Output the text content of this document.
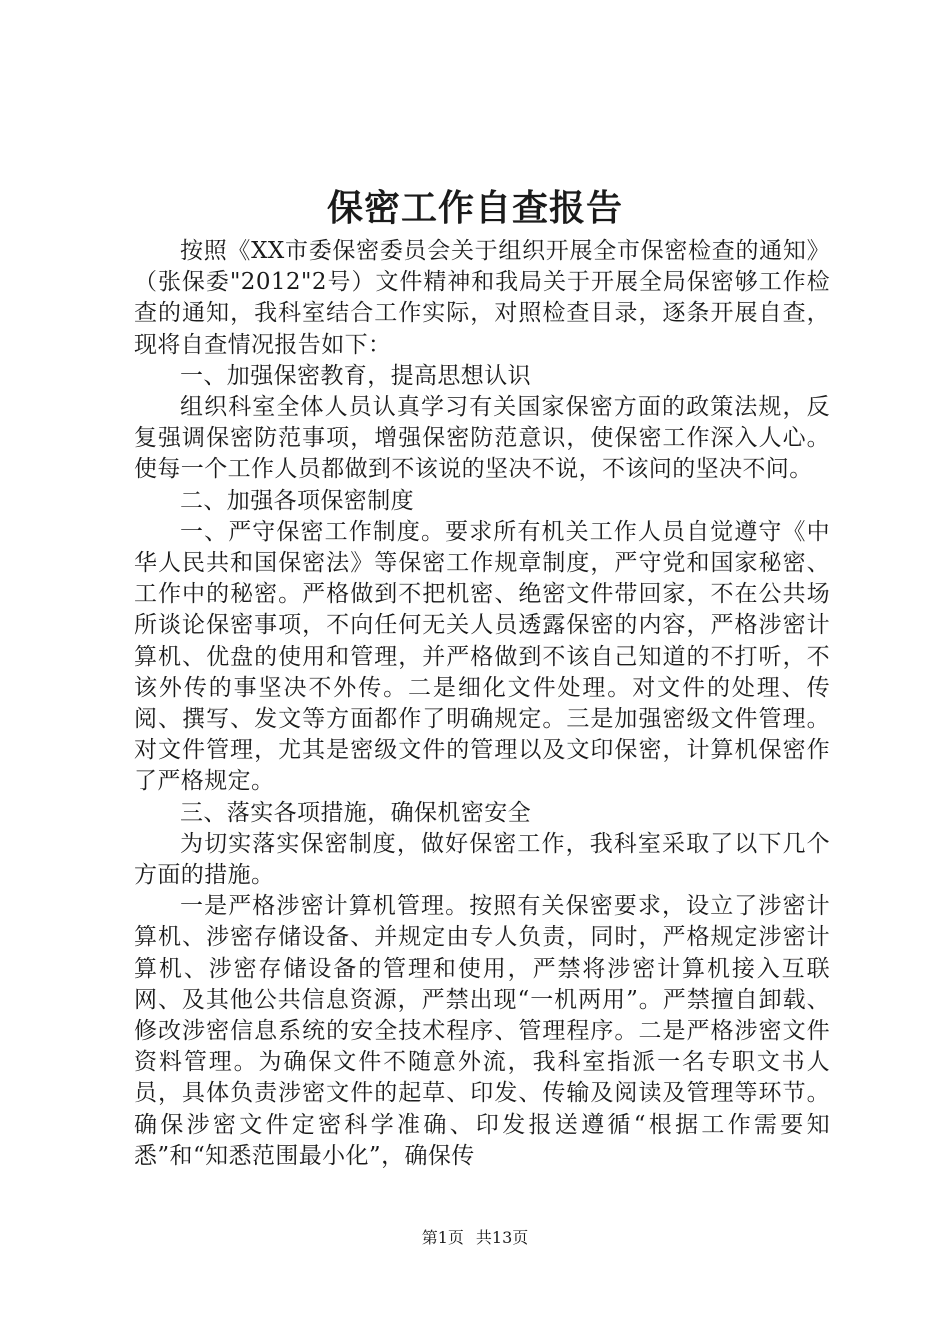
保密工作自查报告

按照《XX市委保密委员会关于组织开展全市保密检查的通知》（张保委"2012"2号）文件精神和我局关于开展全局保密够工作检查的通知，我科室结合工作实际，对照检查目录，逐条开展自查，现将自查情况报告如下：

一、加强保密教育，提高思想认识

组织科室全体人员认真学习有关国家保密方面的政策法规，反复强调保密防范事项，增强保密防范意识，使保密工作深入人心。使每一个工作人员都做到不该说的坚决不说，不该问的坚决不问。

二、加强各项保密制度

一、严守保密工作制度。要求所有机关工作人员自觉遵守《中华人民共和国保密法》等保密工作规章制度，严守党和国家秘密、工作中的秘密。严格做到不把机密、绝密文件带回家，不在公共场所谈论保密事项，不向任何无关人员透露保密的内容，严格涉密计算机、优盘的使用和管理，并严格做到不该自己知道的不打听，不该外传的事坚决不外传。二是细化文件处理。对文件的处理、传阅、撰写、发文等方面都作了明确规定。三是加强密级文件管理。对文件管理，尤其是密级文件的管理以及文印保密，计算机保密作了严格规定。

三、落实各项措施，确保机密安全

为切实落实保密制度，做好保密工作，我科室采取了以下几个方面的措施。

一是严格涉密计算机管理。按照有关保密要求，设立了涉密计算机、涉密存储设备、并规定由专人负责，同时，严格规定涉密计算机、涉密存储设备的管理和使用，严禁将涉密计算机接入互联网、及其他公共信息资源，严禁出现“一机两用”。严禁擅自卸载、修改涉密信息系统的安全技术程序、管理程序。二是严格涉密文件资料管理。为确保文件不随意外流，我科室指派一名专职文书人员，具体负责涉密文件的起草、印发、传输及阅读及管理等环节。确保涉密文件定密科学准确、印发报送遵循“根据工作需要知悉”和“知悉范围最小化”，确保传

第1页 共13页
